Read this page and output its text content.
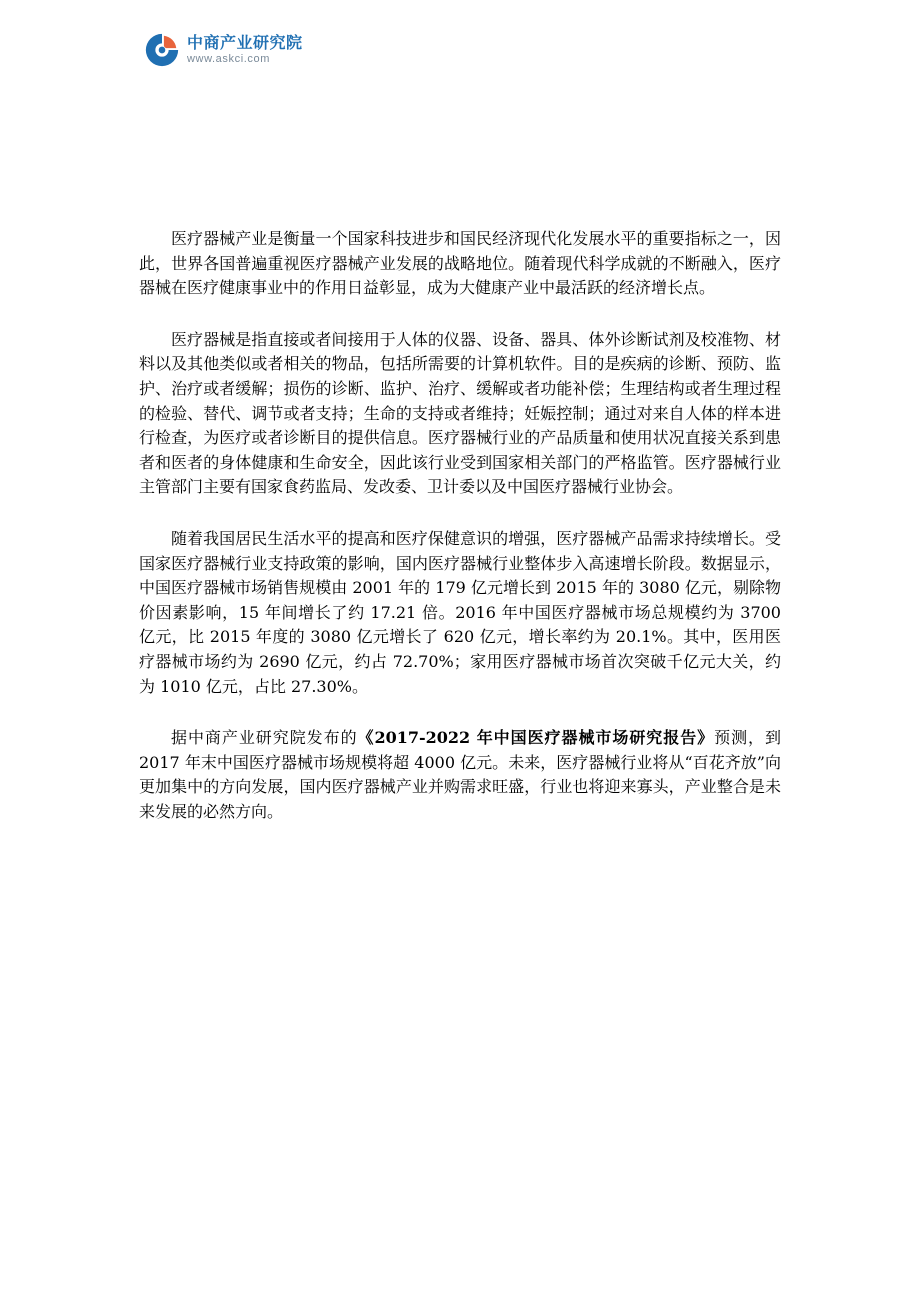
中商产业研究院
www.askci.com

医疗器械产业是衡量一个国家科技进步和国民经济现代化发展水平的重要指标之一，因此，世界各国普遍重视医疗器械产业发展的战略地位。随着现代科学成就的不断融入，医疗器械在医疗健康事业中的作用日益彰显，成为大健康产业中最活跃的经济增长点。

医疗器械是指直接或者间接用于人体的仪器、设备、器具、体外诊断试剂及校准物、材料以及其他类似或者相关的物品，包括所需要的计算机软件。目的是疾病的诊断、预防、监护、治疗或者缓解；损伤的诊断、监护、治疗、缓解或者功能补偿；生理结构或者生理过程的检验、替代、调节或者支持；生命的支持或者维持；妊娠控制；通过对来自人体的样本进行检查，为医疗或者诊断目的提供信息。医疗器械行业的产品质量和使用状况直接关系到患者和医者的身体健康和生命安全，因此该行业受到国家相关部门的严格监管。医疗器械行业主管部门主要有国家食药监局、发改委、卫计委以及中国医疗器械行业协会。

随着我国居民生活水平的提高和医疗保健意识的增强，医疗器械产品需求持续增长。受国家医疗器械行业支持政策的影响，国内医疗器械行业整体步入高速增长阶段。数据显示，中国医疗器械市场销售规模由 2001 年的 179 亿元增长到 2015 年的 3080 亿元，剔除物价因素影响，15 年间增长了约 17.21 倍。2016 年中国医疗器械市场总规模约为 3700 亿元，比 2015 年度的 3080 亿元增长了 620 亿元，增长率约为 20.1%。其中，医用医疗器械市场约为 2690 亿元，约占 72.70%；家用医疗器械市场首次突破千亿元大关，约为 1010 亿元，占比 27.30%。

据中商产业研究院发布的《2017-2022 年中国医疗器械市场研究报告》预测，到 2017 年末中国医疗器械市场规模将超 4000 亿元。未来，医疗器械行业将从“百花齐放”向更加集中的方向发展，国内医疗器械产业并购需求旺盛，行业也将迎来寡头，产业整合是未来发展的必然方向。
